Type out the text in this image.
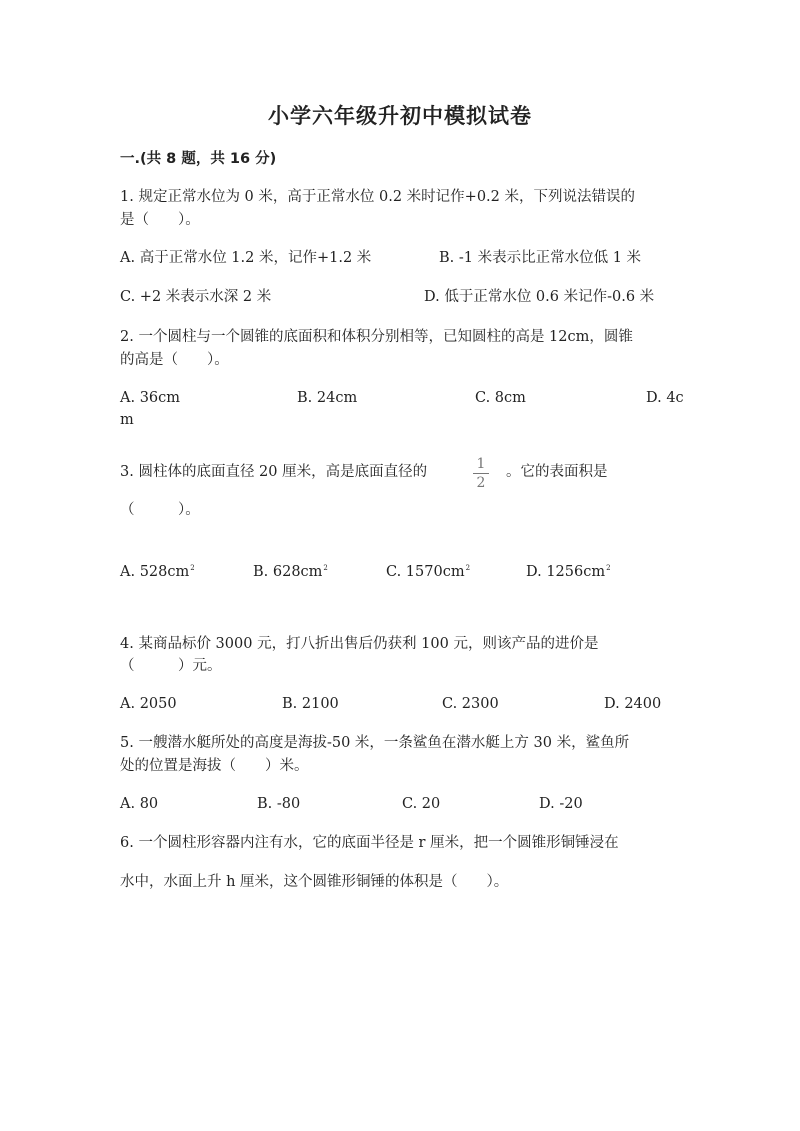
小学六年级升初中模拟试卷
一.(共 8 题，共 16 分)
1. 规定正常水位为 0 米，高于正常水位 0.2 米时记作+0.2 米，下列说法错误的
是（　　）。
A. 高于正常水位 1.2 米，记作+1.2 米	B. -1 米表示比正常水位低 1 米
C. +2 米表示水深 2 米	D. 低于正常水位 0.6 米记作-0.6 米
2. 一个圆柱与一个圆锥的底面积和体积分别相等，已知圆柱的高是 12cm，圆锥
的高是（　　）。
A. 36cm	B. 24cm	C. 8cm	D. 4c
m
3. 圆柱体的底面直径 20 厘米，高是底面直径的	1
2
。它的表面积是
（　　　）。
A. $528cm^2$	B. $628cm^2$	C. $1570cm^2$	D. $1256cm^2$
4. 某商品标价 3000 元，打八折出售后仍获利 100 元，则该产品的进价是
（　　　）元。
A. 2050	B. 2100	C. 2300	D. 2400
5. 一艘潜水艇所处的高度是海拔-50 米，一条鲨鱼在潜水艇上方 30 米，鲨鱼所
处的位置是海拔（　　）米。
A. 80	B. -80	C. 20	D. -20
6. 一个圆柱形容器内注有水，它的底面半径是 r 厘米，把一个圆锥形铜锤浸在
水中，水面上升 h 厘米，这个圆锥形铜锤的体积是（　　）。
